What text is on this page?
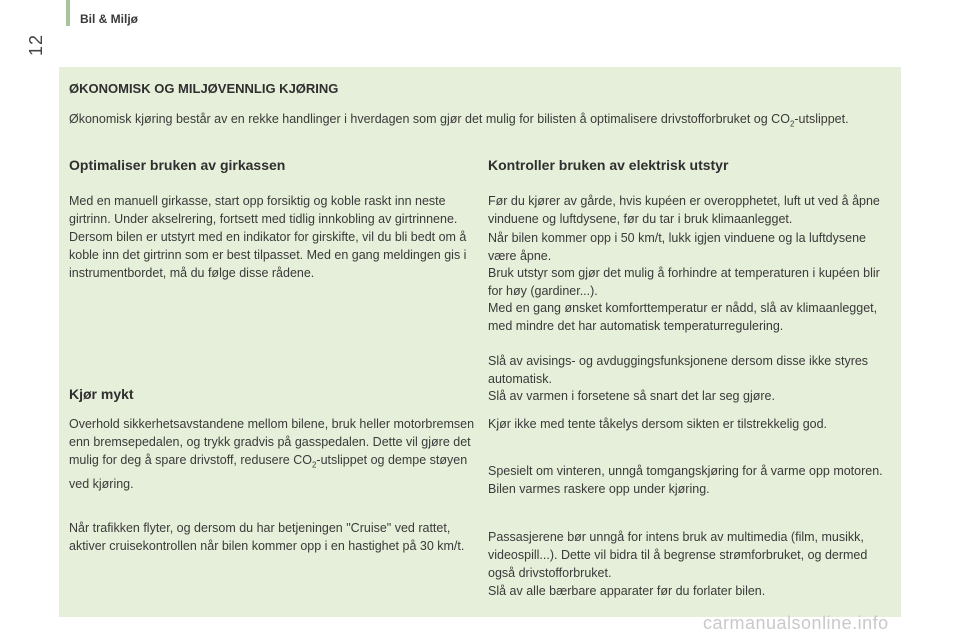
Bil & Miljø
12
ØKONOMISK OG MILJØVENNLIG KJØRING
Økonomisk kjøring består av en rekke handlinger i hverdagen som gjør det mulig for bilisten å optimalisere drivstofforbruket og $CO_2$-utslippet.
Optimaliser bruken av girkassen
Med en manuell girkasse, start opp forsiktig og koble raskt inn neste girtrinn. Under akselrering, fortsett med tidlig innkobling av girtrinnene. Dersom bilen er utstyrt med en indikator for girskifte, vil du bli bedt om å koble inn det girtrinn som er best tilpasset. Med en gang meldingen gis i instrumentbordet, må du følge disse rådene.
Kjør mykt
Overhold sikkerhetsavstandene mellom bilene, bruk heller motorbremsen enn bremsepedalen, og trykk gradvis på gasspedalen. Dette vil gjøre det mulig for deg å spare drivstoff, redusere $CO_2$-utslippet og dempe støyen ved kjøring.
Når trafikken flyter, og dersom du har betjeningen "Cruise" ved rattet, aktiver cruisekontrollen når bilen kommer opp i en hastighet på 30 km/t.
Kontroller bruken av elektrisk utstyr
Før du kjører av gårde, hvis kupéen er overopphetet, luft ut ved å åpne vinduene og luftdysene, før du tar i bruk klimaanlegget.
Når bilen kommer opp i 50 km/t, lukk igjen vinduene og la luftdysene være åpne.
Bruk utstyr som gjør det mulig å forhindre at temperaturen i kupéen blir for høy (gardiner...).
Med en gang ønsket komforttemperatur er nådd, slå av klimaanlegget, med mindre det har automatisk temperaturregulering.
Slå av avisings- og avduggingsfunksjonene dersom disse ikke styres automatisk.
Slå av varmen i forsetene så snart det lar seg gjøre.
Kjør ikke med tente tåkelys dersom sikten er tilstrekkelig god.
Spesielt om vinteren, unngå tomgangskjøring for å varme opp motoren. Bilen varmes raskere opp under kjøring.
Passasjerene bør unngå for intens bruk av multimedia (film, musikk, videospill...). Dette vil bidra til å begrense strømforbruket, og dermed også drivstofforbruket.
Slå av alle bærbare apparater før du forlater bilen.
carmanualsonline.info
